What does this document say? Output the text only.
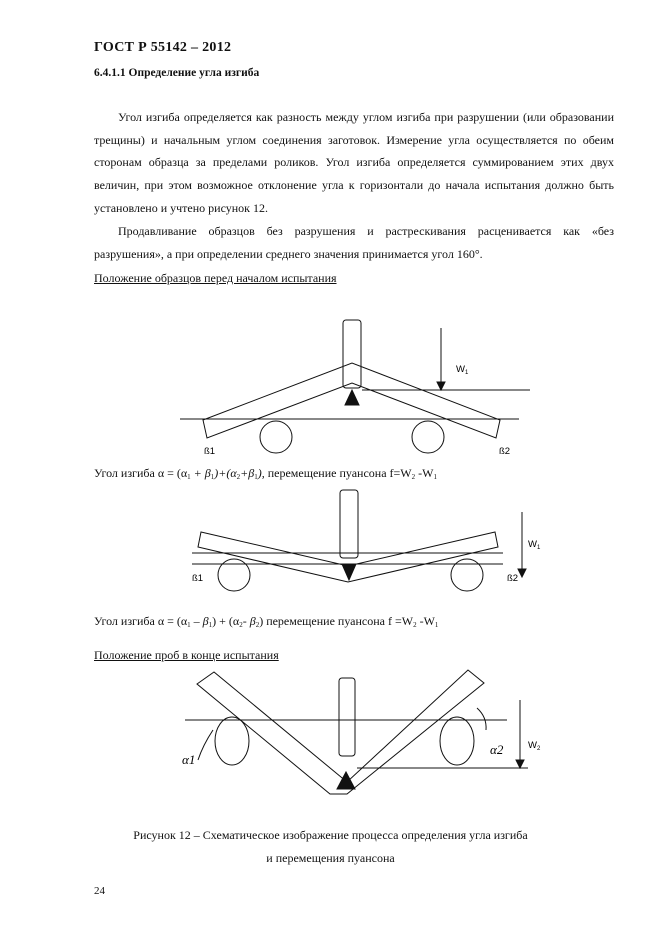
ГОСТ Р 55142 – 2012
6.4.1.1 Определение угла изгиба
Угол изгиба определяется как разность между углом изгиба при разрушении (или образовании трещины) и начальным углом соединения заготовок. Измерение угла осуществляется по обеим сторонам образца за пределами роликов. Угол изгиба определяется суммированием этих двух величин, при этом возможное отклонение угла к горизонтали до начала испытания должно быть установлено и учтено рисунок 12.
Продавливание образцов без разрушения и растрескивания расценивается как «без разрушения», а при определении среднего значения принимается угол 160°.
Положение образцов перед началом испытания
$W_1$
ß1	ß2
$W_1$
ß1	ß2
α1
α2	$W_2$
Угол изгиба $\alpha = (\alpha_1 + \beta_1)+(\alpha_2+\beta_1)$, перемещение пуансона $f=W_2$ $-W_1$
Угол изгиба $\alpha = (\alpha_1 - \beta_1) + (\alpha_2-$ $\beta_2$) перемещение пуансона $f =W_2$ $-W_1$
Положение проб в конце испытания
Рисунок 12 – Схематическое изображение процесса определения угла изгиба
и перемещения пуансона
24
